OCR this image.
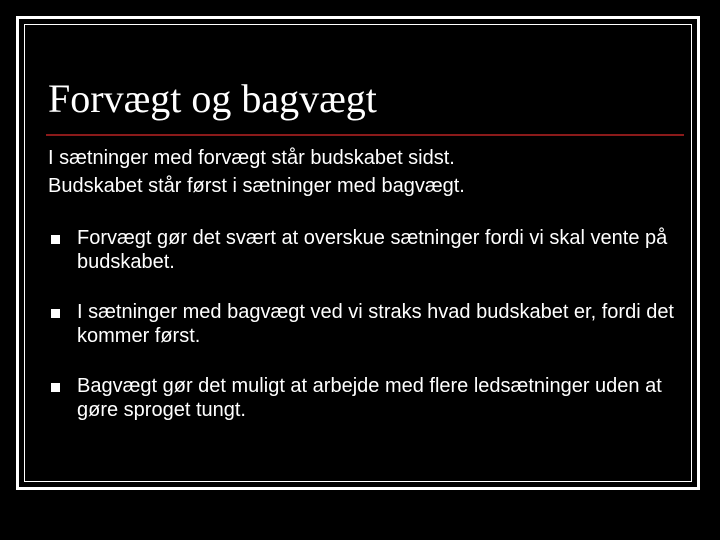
Forvægt og bagvægt
I sætninger med forvægt står budskabet sidst.
Budskabet står først i sætninger med bagvægt.
Forvægt gør det svært at overskue sætninger fordi vi skal vente på budskabet.
I sætninger med bagvægt ved vi straks hvad budskabet er, fordi det kommer først.
Bagvægt gør det muligt at arbejde med flere ledsætninger uden at gøre sproget tungt.
